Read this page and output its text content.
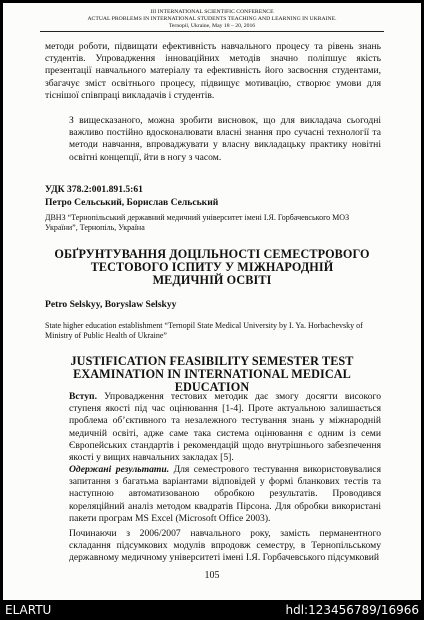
III INTERNATIONAL SCIENTIFIC CONFERENCE
ACTUAL PROBLEMS IN INTERNATIONAL STUDENTS TEACHING AND LEARNING IN UKRAINE.
Ternopil, Ukraine, May 18 – 20, 2016
методи роботи, підвищати ефективність навчального процесу та рівень знань студентів. Упровадження інноваційних методів значно поліпшує якість презентації навчального матеріалу та ефективність його засвоєння студентами, збагачує зміст освітнього процесу, підвищує мотивацію, створює умови для тіснішої співпраці викладачів і студентів.
З вищесказаного, можна зробити висновок, що для викладача сьогодні важливо постійно вдосконалювати власні знання про сучасні технології та методи навчання, впроваджувати у власну викладацьку практику новітні освітні концепції, йти в ногу з часом.
УДК 378.2:001.891.5:61
Петро Сельський, Борислав Сельський
ДВНЗ “Тернопільський державний медичний університет імені І.Я. Горбачевського МОЗ України”, Тернопіль, Україна
ОБҐРУНТУВАННЯ ДОЦІЛЬНОСТІ СЕМЕСТРОВОГО
ТЕСТОВОГО ІСПИТУ У МІЖНАРОДНІЙ
МЕДИЧНІЙ ОСВІТІ
Petro Selskyy, Boryslaw Selskyy
State higher education establishment “Ternopil State Medical University by I. Ya. Horbachevsky of Ministry of Public Health of Ukraine”
JUSTIFICATION FEASIBILITY SEMESTER TEST
EXAMINATION IN INTERNATIONAL MEDICAL EDUCATION
Вступ. Упровадження тестових методик дає змогу досягти високого ступеня якості під час оцінювання [1-4]. Проте актуальною залишається проблема об’єктивного та незалежного тестування знань у міжнародній медичній освіті, адже саме така система оцінювання є одним із семи Європейських стандартів і рекомендацій щодо внутрішнього забезпечення якості у вищих навчальних закладах [5].
Одержані результати. Для семестрового тестування використовувалися запитання з багатьма варіантами відповідей у формі бланкових тестів та наступною автоматизованою обробкою результатів. Проводився кореляційний аналіз методом квадратів Пірсона. Для обробки використані пакети програм MS Excel (Microsoft Office 2003).
Починаючи з 2006/2007 навчального року, замість перманентного складання підсумкових модулів впродовж семестру, в Тернопільському державному медичному університеті імені І.Я. Горбачевського підсумковий
105
ELARTU	hdl:123456789/16966
